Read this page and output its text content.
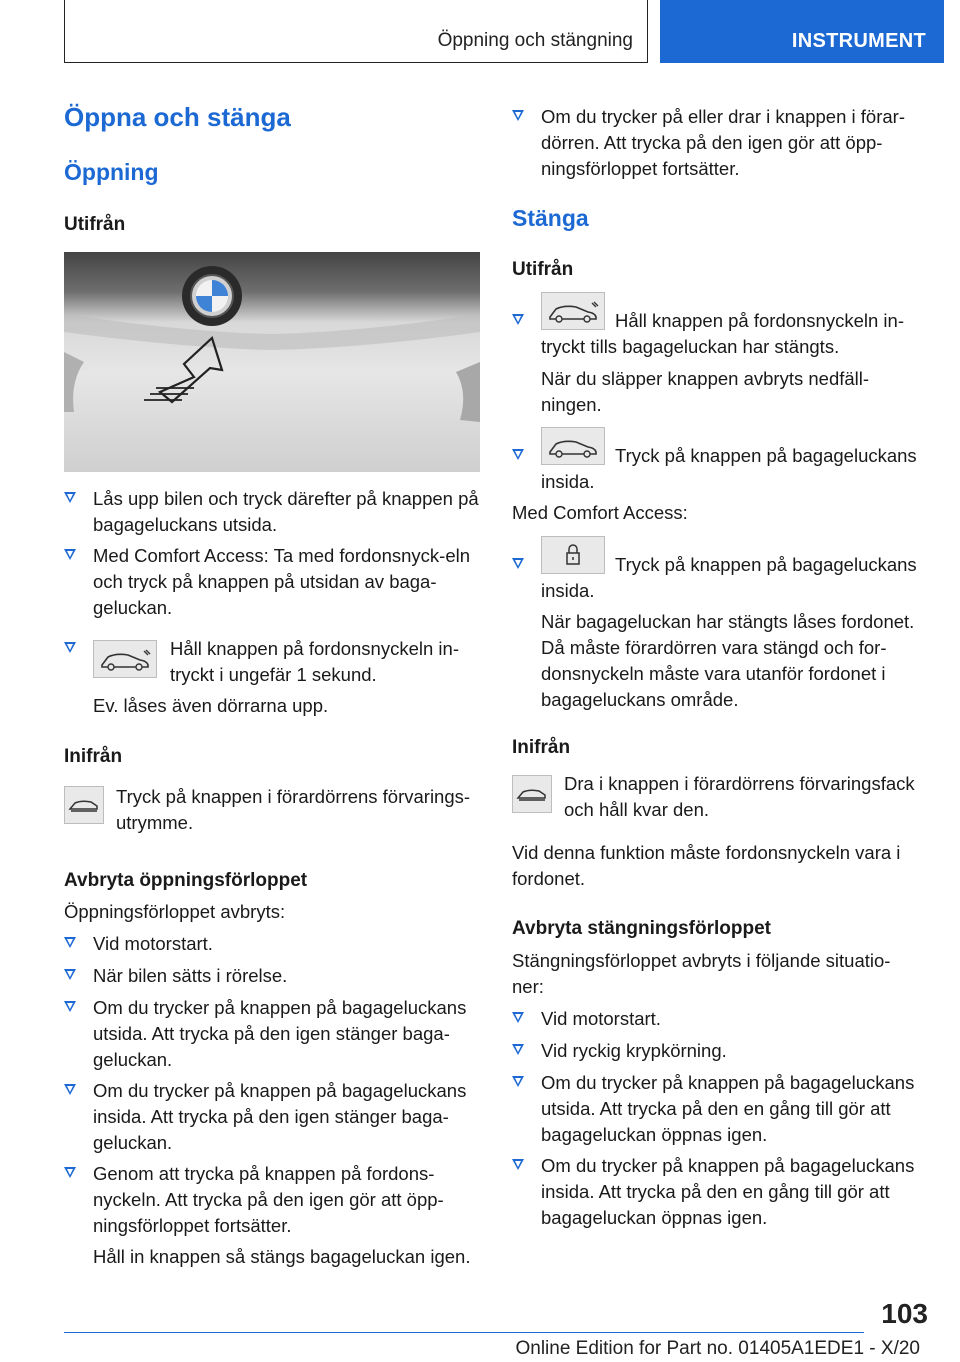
Öppning och stängning	INSTRUMENT
Öppna och stänga
Öppning
Utifrån
Lås upp bilen och tryck därefter på knappen på bagageluckans utsida.
Med Comfort Access: Ta med fordonsnyck-eln och tryck på knappen på utsidan av baga-geluckan.
Håll knappen på fordonsnyckeln in-tryckt i ungefär 1 sekund.
Ev. låses även dörrarna upp.
Inifrån
Tryck på knappen i förardörrens förvarings-utrymme.
Avbryta öppningsförloppet
Öppningsförloppet avbryts:
Vid motorstart.
När bilen sätts i rörelse.
Om du trycker på knappen på bagageluckans utsida. Att trycka på den igen stänger baga-geluckan.
Om du trycker på knappen på bagageluckans insida. Att trycka på den igen stänger baga-geluckan.
Genom att trycka på knappen på fordons-nyckeln. Att trycka på den igen gör att öpp-ningsförloppet fortsätter.
Håll in knappen så stängs bagageluckan igen.
Om du trycker på eller drar i knappen i förar-dörren. Att trycka på den igen gör att öpp-ningsförloppet fortsätter.
Stänga
Utifrån
Håll knappen på fordonsnyckeln in-tryckt tills bagageluckan har stängts.
När du släpper knappen avbryts nedfäll-ningen.
Tryck på knappen på bagageluckans insida.
Med Comfort Access:
Tryck på knappen på bagageluckans insida.
När bagageluckan har stängts låses fordonet. Då måste förardörren vara stängd och for-donsnyckeln måste vara utanför fordonet i bagageluckans område.
Inifrån
Dra i knappen i förardörrens förvaringsfack och håll kvar den.
Vid denna funktion måste fordonsnyckeln vara i fordonet.
Avbryta stängningsförloppet
Stängningsförloppet avbryts i följande situatio-ner:
Vid motorstart.
Vid ryckig krypkörning.
Om du trycker på knappen på bagageluckans utsida. Att trycka på den en gång till gör att bagageluckan öppnas igen.
Om du trycker på knappen på bagageluckans insida. Att trycka på den en gång till gör att bagageluckan öppnas igen.
103
Online Edition for Part no. 01405A1EDE1 - X/20
